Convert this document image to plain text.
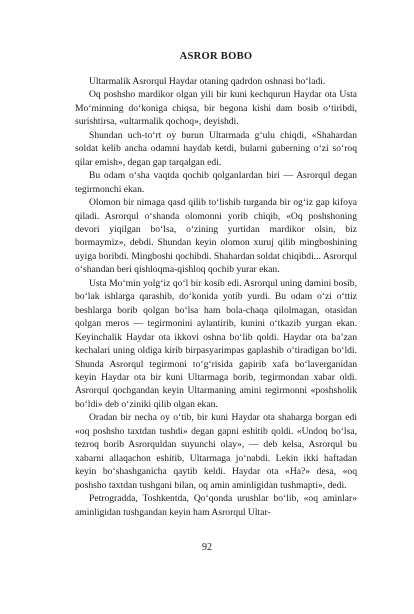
ASROR BOBO

Ultarmalik Asrorqul Haydar otaning qadrdon oshnasi bo‘ladi.

Oq poshsho mardikor olgan yili bir kuni kechqurun Haydar ota Usta Mo‘minning do‘koniga chiqsa, bir begona kishi dam bosib o‘tiribdi, surishtirsa, «ultarmalik qochoq», deyishdi.

Shundan uch-to‘rt oy burun Ultarmada g‘ulu chiqdi, «Shahardan soldat kelib ancha odamni haydab ketdi, bularni guberning o‘zi so‘roq qilar emish», degan gap tarqalgan edi.

Bu odam o‘sha vaqtda qochib qolganlardan biri — Asrorqul degan tegirmonchi ekan.

Olomon bir nimaga qasd qilib to‘lishib turganda bir og‘iz gap kifoya qiladi. Asrorqul o‘shanda olomonni yorib chiqib, «Oq poshshoning devori yiqilgan bo‘lsa, o‘zining yurtidan mardikor olsin, biz bormaymiz», debdi. Shundan keyin olomon xuruj qilib mingboshining uyiga boribdi. Mingboshi qochibdi. Shahardan soldat chiqibdi... Asrorqul o‘shandan beri qishloqma-qishloq qochib yurar ekan.

Usta Mo‘min yolg‘iz qo‘l bir kosib edi. Asrorqul uning damini bosib, bo‘lak ishlarga qarashib, do‘konida yotib yurdi. Bu odam o‘zi o‘ttiz beshlarga borib qolgan bo‘lsa ham bola-chaqa qilolmagan, otasidan qolgan meros — tegirmonini aylantirib, kunini o‘tkazib yurgan ekan. Keyinchalik Haydar ota ikkovi oshna bo‘lib qoldi. Haydar ota ba’zan kechalari uning oldiga kirib birpasyarimpas gaplashib o‘tiradigan bo‘ldi. Shunda Asrorqul tegirmoni to‘g‘risida gapirib xafa bo‘laverganidan keyin Haydar ota bir kuni Ultarmaga borib, tegirmondan xabar oldi. Asrorqul qochgandan keyin Ultarmaning amini tegirmonni «poshsholik bo‘ldi» deb o‘ziniki qilib olgan ekan.

Oradan bir necha oy o‘tib, bir kuni Haydar ota shaharga borgan edi «oq poshsho taxtdan tushdi» degan gapni eshitib qoldi. «Undoq bo‘lsa, tezroq borib Asrorquldan suyunchi olay», — deb kelsa, Asrorqul bu xabarni allaqachon eshitib, Ultarmaga jo‘nabdi. Lekin ikki haftadan keyin bo‘shashganicha qaytib keldi. Haydar ota «Ha?» desa, «oq poshsho taxtdan tushgani bilan, oq amin aminligidan tushmapti», dedi.

Petrogradda, Toshkentda, Qo‘qonda urushlar bo‘lib, «oq aminlar» aminligidan tushgandan keyin ham Asrorqul Ultar-

92
